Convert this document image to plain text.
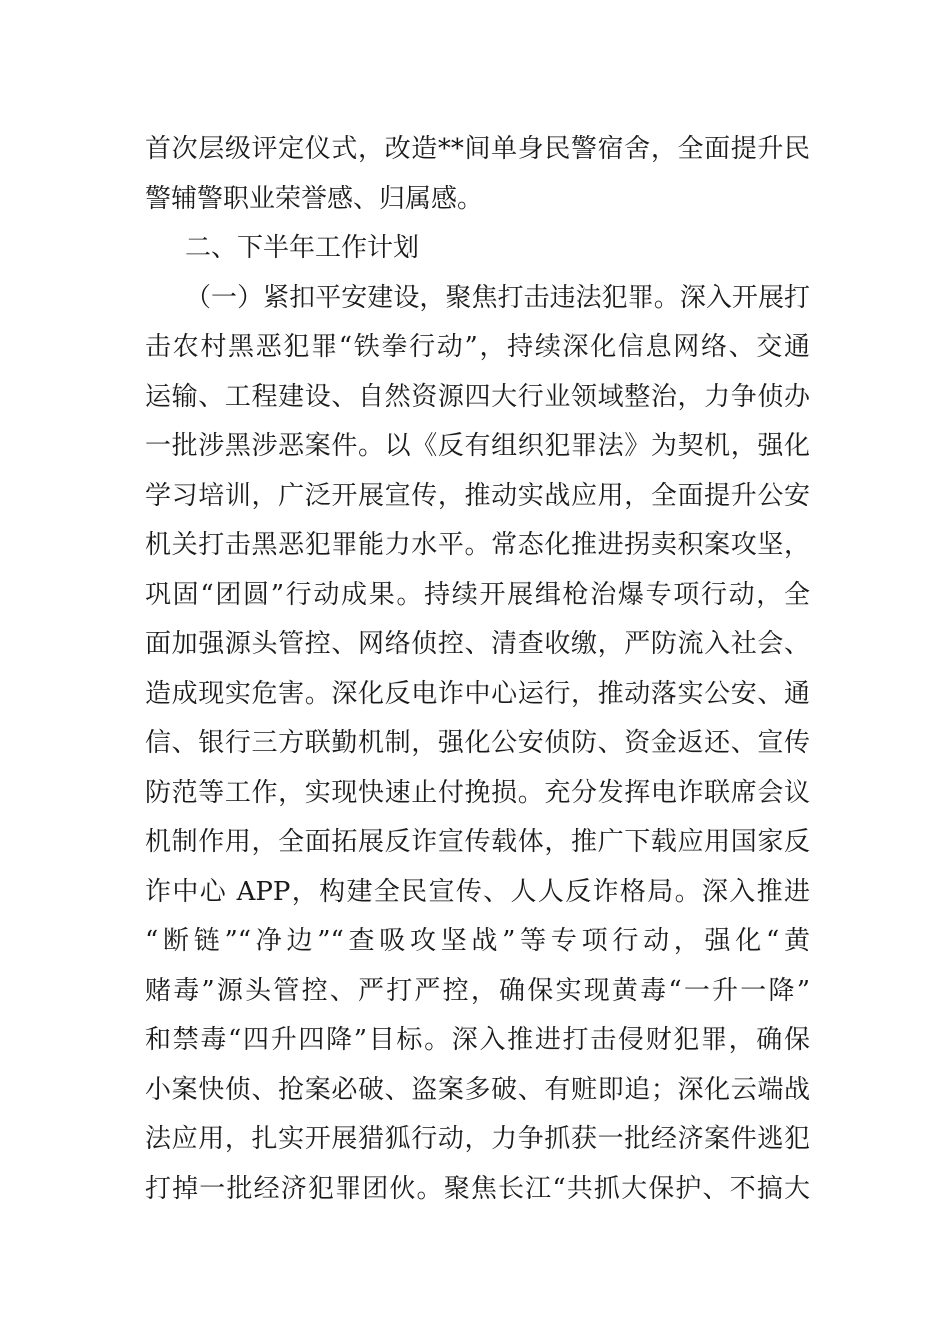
首次层级评定仪式，改造**间单身民警宿舍，全面提升民
警辅警职业荣誉感、归属感。
二、下半年工作计划
（一）紧扣平安建设，聚焦打击违法犯罪。深入开展打
击农村黑恶犯罪“铁拳行动”，持续深化信息网络、交通
运输、工程建设、自然资源四大行业领域整治，力争侦办
一批涉黑涉恶案件。以《反有组织犯罪法》为契机，强化
学习培训，广泛开展宣传，推动实战应用，全面提升公安
机关打击黑恶犯罪能力水平。常态化推进拐卖积案攻坚，
巩固“团圆”行动成果。持续开展缉枪治爆专项行动，全
面加强源头管控、网络侦控、清查收缴，严防流入社会、
造成现实危害。深化反电诈中心运行，推动落实公安、通
信、银行三方联勤机制，强化公安侦防、资金返还、宣传
防范等工作，实现快速止付挽损。充分发挥电诈联席会议
机制作用，全面拓展反诈宣传载体，推广下载应用国家反
诈中心 APP，构建全民宣传、人人反诈格局。深入推进
“断链”“净边”“查吸攻坚战”等专项行动，强化“黄
赌毒”源头管控、严打严控，确保实现黄毒“一升一降”
和禁毒“四升四降”目标。深入推进打击侵财犯罪，确保
小案快侦、抢案必破、盗案多破、有赃即追；深化云端战
法应用，扎实开展猎狐行动，力争抓获一批经济案件逃犯
打掉一批经济犯罪团伙。聚焦长江“共抓大保护、不搞大
